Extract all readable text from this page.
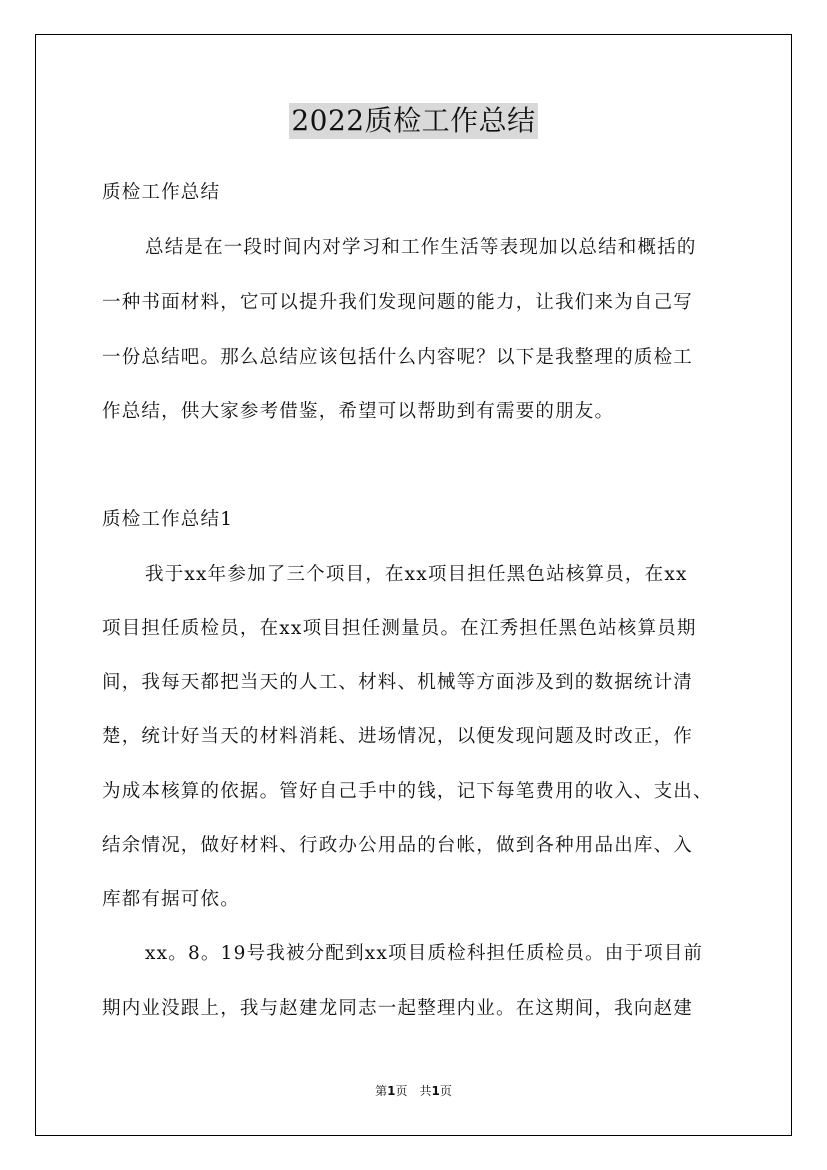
2022质检工作总结
质检工作总结
总结是在一段时间内对学习和工作生活等表现加以总结和概括的
一种书面材料，它可以提升我们发现问题的能力，让我们来为自己写
一份总结吧。那么总结应该包括什么内容呢？以下是我整理的质检工
作总结，供大家参考借鉴，希望可以帮助到有需要的朋友。
质检工作总结1
我于xx年参加了三个项目，在xx项目担任黑色站核算员，在xx
项目担任质检员，在xx项目担任测量员。在江秀担任黑色站核算员期
间，我每天都把当天的人工、材料、机械等方面涉及到的数据统计清
楚，统计好当天的材料消耗、进场情况，以便发现问题及时改正，作
为成本核算的依据。管好自己手中的钱，记下每笔费用的收入、支出、
结余情况，做好材料、行政办公用品的台帐，做到各种用品出库、入
库都有据可依。
xx。8。19号我被分配到xx项目质检科担任质检员。由于项目前
期内业没跟上，我与赵建龙同志一起整理内业。在这期间，我向赵建
第1页　共1页
